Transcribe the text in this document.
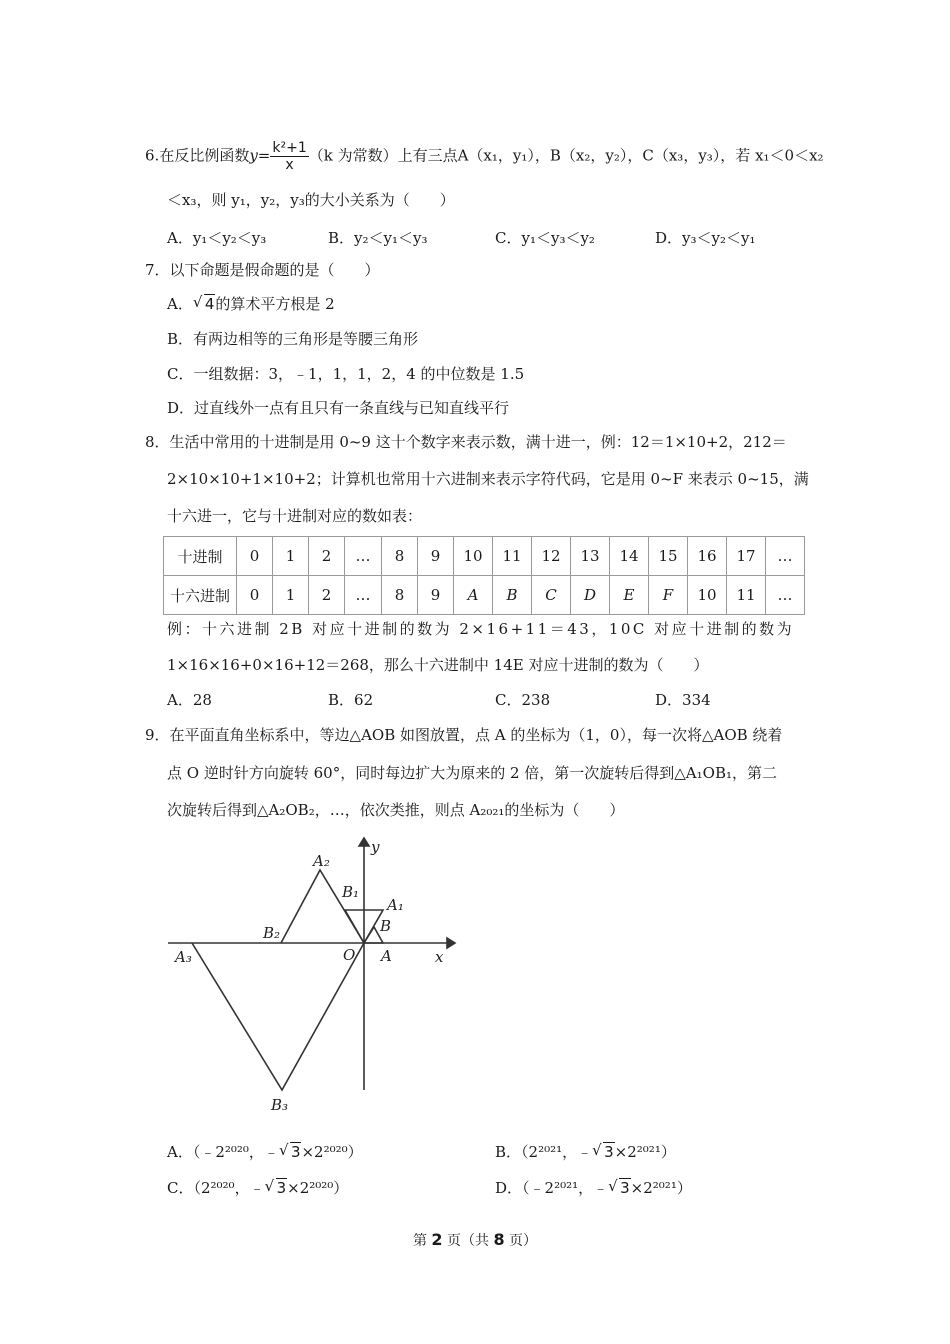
6.在反比例函数$y= \frac{\text{k²+1}}{x} (k$ 为常数）上有三点A（x₁，y₁），B（x₂，y₂），C（x₃，y₃），若 x₁＜0＜x₂
＜x₃，则 y₁，y₂，y₃的大小关系为（　　）
A．y₁＜y₂＜y₃	B．y₂＜y₁＜y₃	C．y₁＜y₃＜y₂	D．y₃＜y₂＜y₁
7．以下命题是假命题的是（　　）
A． √ 4的算术平方根是 2
B．有两边相等的三角形是等腰三角形
C．一组数据：3，﹣1，1，1，2，4 的中位数是 1.5
D．过直线外一点有且只有一条直线与已知直线平行
8．生活中常用的十进制是用 0~9 这十个数字来表示数，满十进一，例：12＝1×10+2，212＝
2×10×10+1×10+2；计算机也常用十六进制来表示字符代码，它是用 0~F 来表示 0~15，满
十六进一，它与十进制对应的数如表：
十进制	0	1	2	…	8	9	10	11	12	13	14	15	16	17	…
十六进制	0	1	2	…	8	9	A	B	C	D	E	F	10	11	…
例：十六进制 2B 对应十进制的数为 2×16+11＝43，10C 对应十进制的数为
1×16×16+0×16+12＝268，那么十六进制中 14E 对应十进制的数为（　　）
A．28	B．62	C．238	D．334
9．在平面直角坐标系中，等边△AOB 如图放置，点 A 的坐标为（1，0），每一次将△AOB 绕着
点 O 逆时针方向旋转 60°，同时每边扩大为原来的 2 倍，第一次旋转后得到△A₁OB₁，第二
次旋转后得到△A₂OB₂，…，依次类推，则点 A₂₀₂₁的坐标为（　　）
y
x
O A
B
A₁
B₁
A₂
B₂
A₃
B₃
A．（﹣2²⁰²⁰，﹣ √ 3×2²⁰²⁰）	B．（2²⁰²¹，﹣ √ 3×2²⁰²¹）
C．（2²⁰²⁰，﹣ √ 3×2²⁰²⁰）	D．（﹣2²⁰²¹，﹣ √ 3×2²⁰²¹）
第 2 页（共 8 页）
